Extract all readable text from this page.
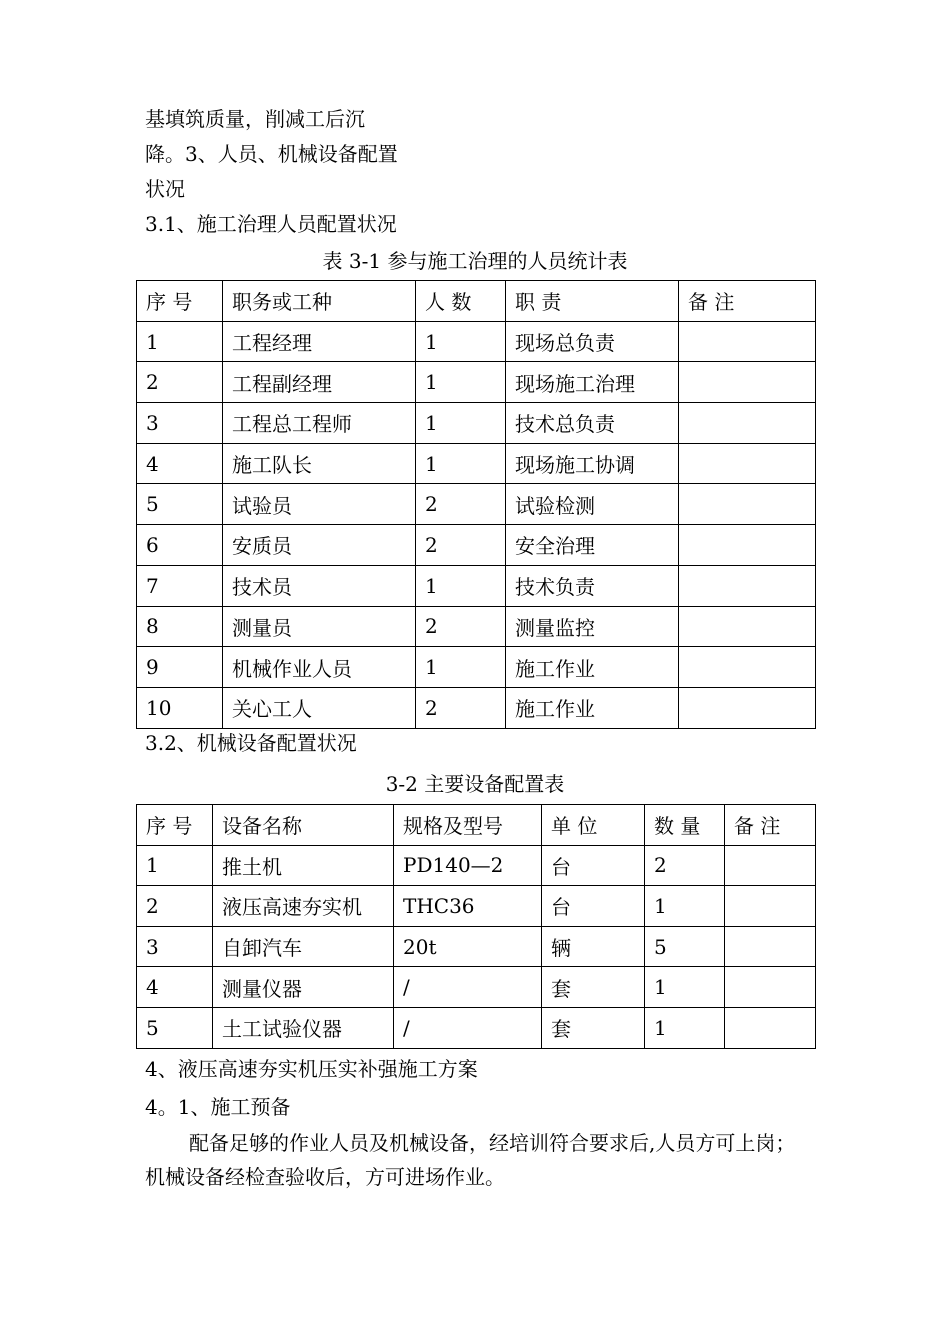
基填筑质量，削减工后沉
降。3、人员、机械设备配置
状况
3.1、施工治理人员配置状况
表 3-1 参与施工治理的人员统计表
序 号	职务或工种	人 数	职 责	备 注
1	工程经理	1	现场总负责	
2	工程副经理	1	现场施工治理	
3	工程总工程师	1	技术总负责	
4	施工队长	1	现场施工协调	
5	试验员	2	试验检测	
6	安质员	2	安全治理	
7	技术员	1	技术负责	
8	测量员	2	测量监控	
9	机械作业人员	1	施工作业	
10	关心工人	2	施工作业	
3.2、机械设备配置状况
3-2 主要设备配置表
序 号	设备名称	规格及型号	单 位	数 量	备 注
1	推土机	PD140—2	台	2	
2	液压高速夯实机	THC36	台	1	
3	自卸汽车	20t	辆	5	
4	测量仪器	/	套	1	
5	土工试验仪器	/	套	1	
4、液压高速夯实机压实补强施工方案
4。1、施工预备
配备足够的作业人员及机械设备，经培训符合要求后,人员方可上岗；机械设备经检查验收后，方可进场作业。
